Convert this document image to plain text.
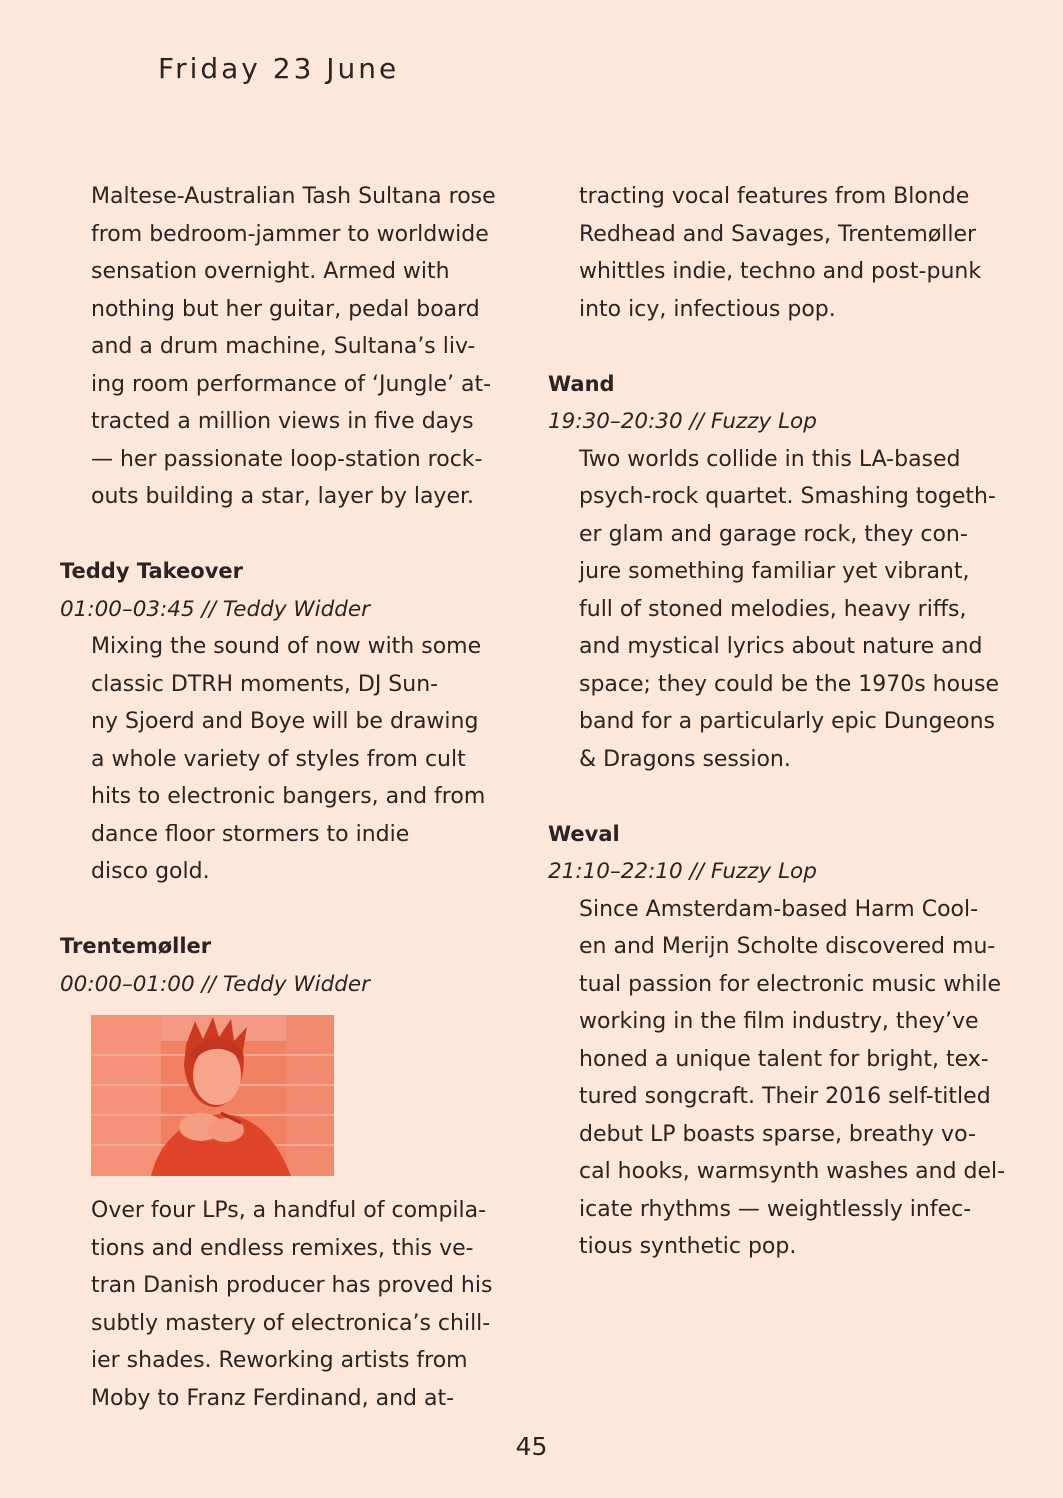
Friday 23 June

Maltese-Australian Tash Sultana rose
from bedroom-jammer to worldwide
sensation overnight. Armed with
nothing but her guitar, pedal board
and a drum machine, Sultana’s liv-
ing room performance of ‘Jungle’ at-
tracted a million views in five days
— her passionate loop-station rock-
outs building a star, layer by layer.

Teddy Takeover

01:00–03:45 // Teddy Widder

Mixing the sound of now with some
classic DTRH moments, DJ Sun-
ny Sjoerd and Boye will be drawing
a whole variety of styles from cult
hits to electronic bangers, and from
dance floor stormers to indie
disco gold.

Trentemøller

00:00–01:00 // Teddy Widder

Over four LPs, a handful of compila-
tions and endless remixes, this ve-
tran Danish producer has proved his
subtly mastery of electronica’s chill-
ier shades. Reworking artists from
Moby to Franz Ferdinand, and at-

tracting vocal features from Blonde
Redhead and Savages, Trentemøller
whittles indie, techno and post-punk
into icy, infectious pop.

Wand

19:30–20:30 // Fuzzy Lop

Two worlds collide in this LA-based
psych-rock quartet. Smashing togeth-
er glam and garage rock, they con-
jure something familiar yet vibrant,
full of stoned melodies, heavy riffs,
and mystical lyrics about nature and
space; they could be the 1970s house
band for a particularly epic Dungeons
& Dragons session.

Weval

21:10–22:10 // Fuzzy Lop

Since Amsterdam-based Harm Cool-
en and Merijn Scholte discovered mu-
tual passion for electronic music while
working in the film industry, they’ve
honed a unique talent for bright, tex-
tured songcraft. Their 2016 self-titled
debut LP boasts sparse, breathy vo-
cal hooks, warmsynth washes and del-
icate rhythms — weightlessly infec-
tious synthetic pop.

45
